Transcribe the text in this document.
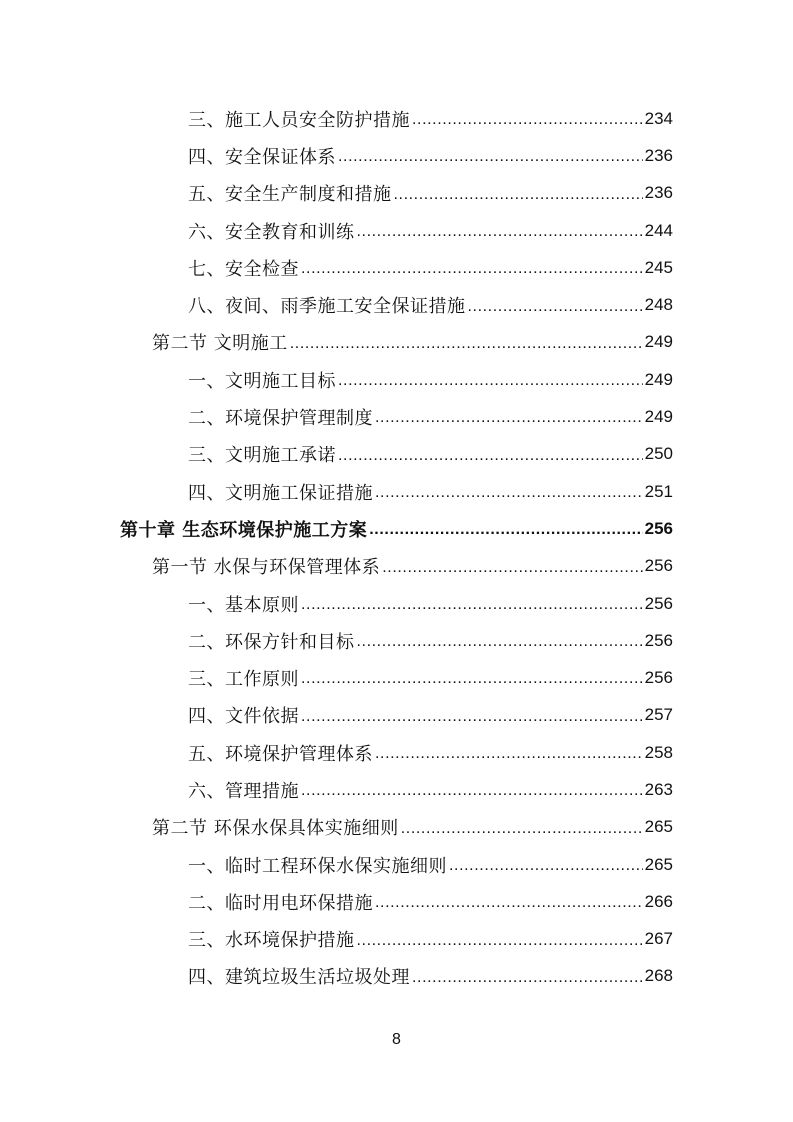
三、施工人员安全防护措施 .....	234
四、安全保证体系 .....	236
五、安全生产制度和措施 .....	236
六、安全教育和训练 .....	244
七、安全检查 .....	245
八、夜间、雨季施工安全保证措施 .....	248
第二节 文明施工 .....	249
一、文明施工目标 .....	249
二、环境保护管理制度 .....	249
三、文明施工承诺 .....	250
四、文明施工保证措施 .....	251
第十章 生态环境保护施工方案 .....	256
第一节 水保与环保管理体系 .....	256
一、基本原则 .....	256
二、环保方针和目标 .....	256
三、工作原则 .....	256
四、文件依据 .....	257
五、环境保护管理体系 .....	258
六、管理措施 .....	263
第二节 环保水保具体实施细则 .....	265
一、临时工程环保水保实施细则 .....	265
二、临时用电环保措施 .....	266
三、水环境保护措施 .....	267
四、建筑垃圾生活垃圾处理 .....	268
8
